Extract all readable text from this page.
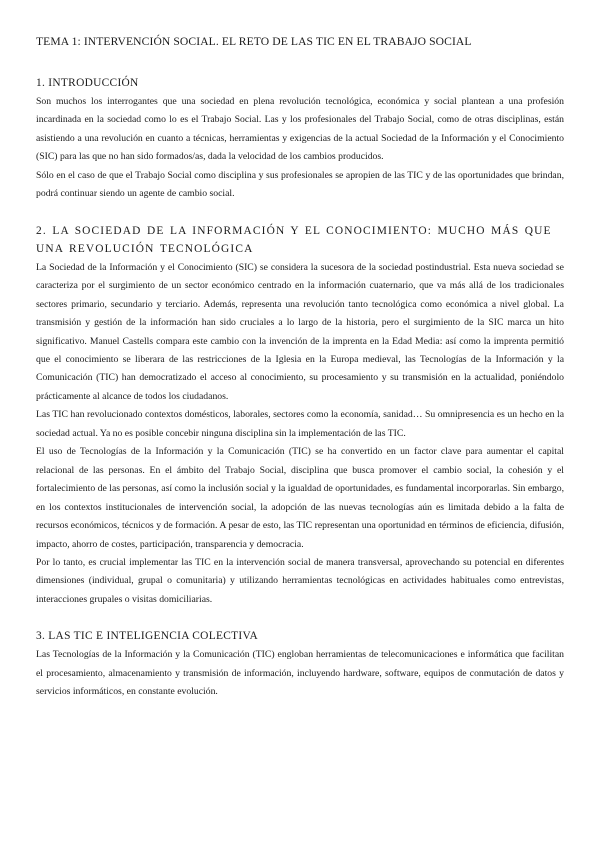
TEMA 1: INTERVENCIÓN SOCIAL. EL RETO DE LAS TIC EN EL TRABAJO SOCIAL
1. INTRODUCCIÓN

Son muchos los interrogantes que una sociedad en plena revolución tecnológica, económica y social plantean a una profesión incardinada en la sociedad como lo es el Trabajo Social. Las y los profesionales del Trabajo Social, como de otras disciplinas, están asistiendo a una revolución en cuanto a técnicas, herramientas y exigencias de la actual Sociedad de la Información y el Conocimiento (SIC) para las que no han sido formados/as, dada la velocidad de los cambios producidos.

Sólo en el caso de que el Trabajo Social como disciplina y sus profesionales se apropien de las TIC y de las oportunidades que brindan, podrá continuar siendo un agente de cambio social.

2. LA SOCIEDAD DE LA INFORMACIÓN Y EL CONOCIMIENTO: MUCHO MÁS QUE UNA REVOLUCIÓN TECNOLÓGICA

La Sociedad de la Información y el Conocimiento (SIC) se considera la sucesora de la sociedad postindustrial. Esta nueva sociedad se caracteriza por el surgimiento de un sector económico centrado en la información cuaternario, que va más allá de los tradicionales sectores primario, secundario y terciario. Además, representa una revolución tanto tecnológica como económica a nivel global. La transmisión y gestión de la información han sido cruciales a lo largo de la historia, pero el surgimiento de la SIC marca un hito significativo. Manuel Castells compara este cambio con la invención de la imprenta en la Edad Media: así como la imprenta permitió que el conocimiento se liberara de las restricciones de la Iglesia en la Europa medieval, las Tecnologías de la Información y la Comunicación (TIC) han democratizado el acceso al conocimiento, su procesamiento y su transmisión en la actualidad, poniéndolo prácticamente al alcance de todos los ciudadanos.

Las TIC han revolucionado contextos domésticos, laborales, sectores como la economía, sanidad… Su omnipresencia es un hecho en la sociedad actual. Ya no es posible concebir ninguna disciplina sin la implementación de las TIC.

El uso de Tecnologías de la Información y la Comunicación (TIC) se ha convertido en un factor clave para aumentar el capital relacional de las personas. En el ámbito del Trabajo Social, disciplina que busca promover el cambio social, la cohesión y el fortalecimiento de las personas, así como la inclusión social y la igualdad de oportunidades, es fundamental incorporarlas. Sin embargo, en los contextos institucionales de intervención social, la adopción de las nuevas tecnologías aún es limitada debido a la falta de recursos económicos, técnicos y de formación. A pesar de esto, las TIC representan una oportunidad en términos de eficiencia, difusión, impacto, ahorro de costes, participación, transparencia y democracia.

Por lo tanto, es crucial implementar las TIC en la intervención social de manera transversal, aprovechando su potencial en diferentes dimensiones (individual, grupal o comunitaria) y utilizando herramientas tecnológicas en actividades habituales como entrevistas, interacciones grupales o visitas domiciliarias.

3. LAS TIC E INTELIGENCIA COLECTIVA

Las Tecnologías de la Información y la Comunicación (TIC) engloban herramientas de telecomunicaciones e informática que facilitan el procesamiento, almacenamiento y transmisión de información, incluyendo hardware, software, equipos de conmutación de datos y servicios informáticos, en constante evolución.
